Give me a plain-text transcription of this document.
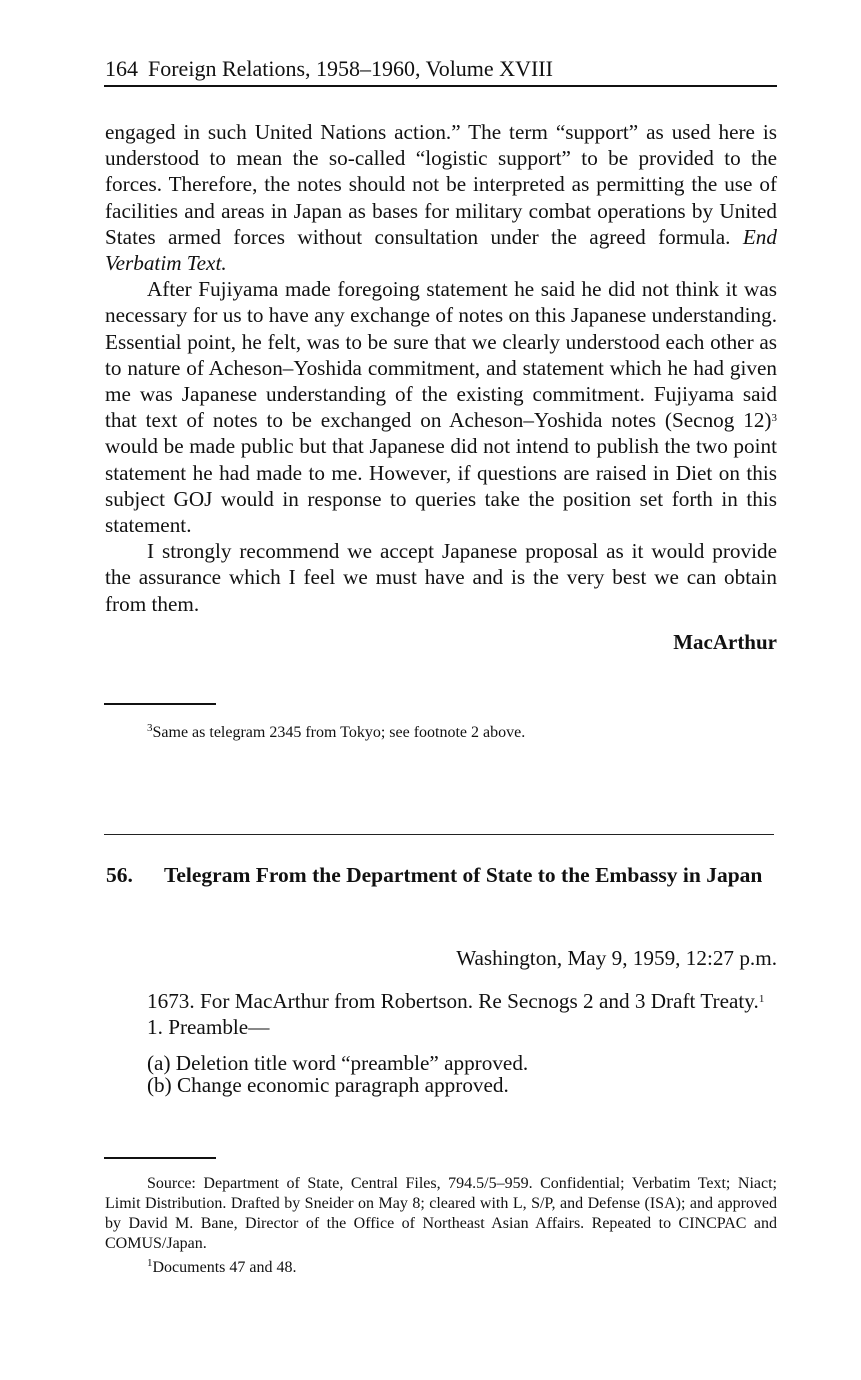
164 Foreign Relations, 1958–1960, Volume XVIII

engaged in such United Nations action.” The term “support” as used here is understood to mean the so-called “logistic support” to be provided to the forces. Therefore, the notes should not be interpreted as permitting the use of facilities and areas in Japan as bases for military combat operations by United States armed forces without consultation under the agreed formula. End Verbatim Text.

After Fujiyama made foregoing statement he said he did not think it was necessary for us to have any exchange of notes on this Japanese understanding. Essential point, he felt, was to be sure that we clearly understood each other as to nature of Acheson–Yoshida commitment, and statement which he had given me was Japanese understanding of the existing commitment. Fujiyama said that text of notes to be exchanged on Acheson–Yoshida notes (Secnog 12)$^3$ would be made public but that Japanese did not intend to publish the two point statement he had made to me. However, if questions are raised in Diet on this subject GOJ would in response to queries take the position set forth in this statement.

I strongly recommend we accept Japanese proposal as it would provide the assurance which I feel we must have and is the very best we can obtain from them.

MacArthur

$^3$Same as telegram 2345 from Tokyo; see footnote 2 above.

56. Telegram From the Department of State to the Embassy in Japan
Washington, May 9, 1959, 12:27 p.m.

1673. For MacArthur from Robertson. Re Secnogs 2 and 3 Draft Treaty.$^1$

1. Preamble—

(a) Deletion title word “preamble” approved.

(b) Change economic paragraph approved.

Source: Department of State, Central Files, 794.5/5–959. Confidential; Verbatim Text; Niact; Limit Distribution. Drafted by Sneider on May 8; cleared with L, S/P, and Defense (ISA); and approved by David M. Bane, Director of the Office of Northeast Asian Affairs. Repeated to CINCPAC and COMUS/Japan.

$^1$Documents 47 and 48.
